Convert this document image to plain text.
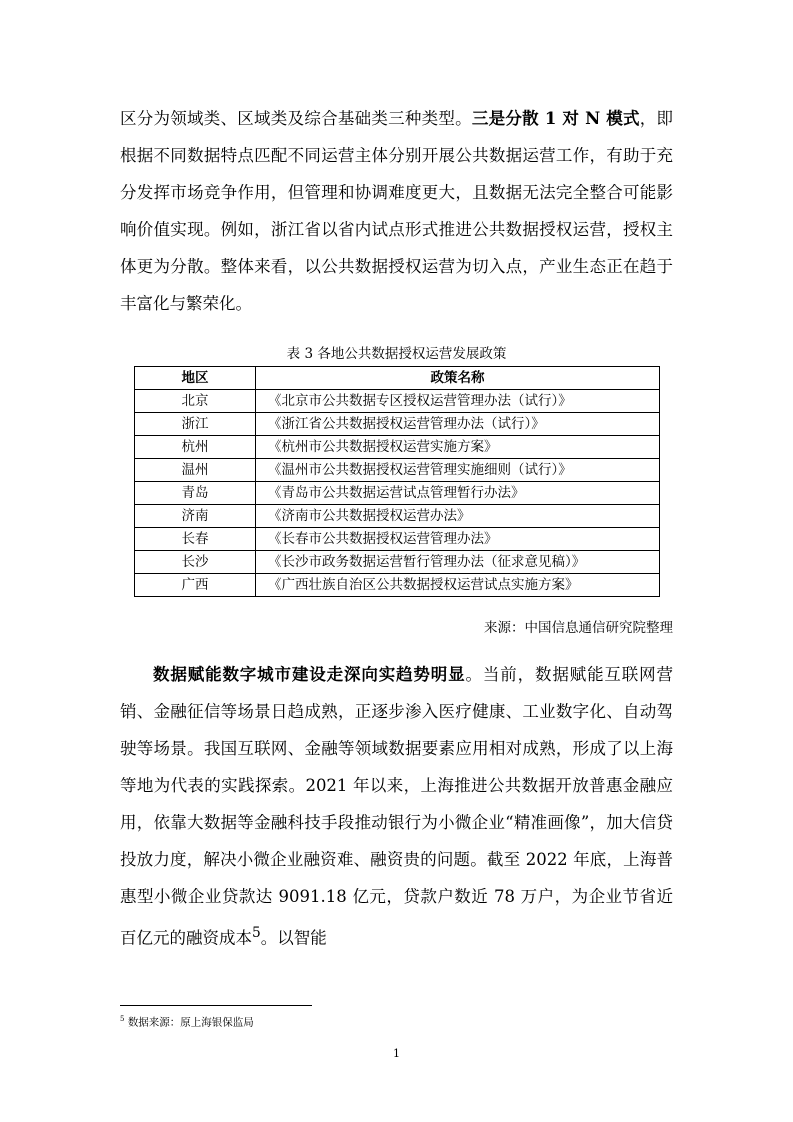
区分为领域类、区域类及综合基础类三种类型。三是分散 1 对 N 模式，即根据不同数据特点匹配不同运营主体分别开展公共数据运营工作，有助于充分发挥市场竞争作用，但管理和协调难度更大，且数据无法完全整合可能影响价值实现。例如，浙江省以省内试点形式推进公共数据授权运营，授权主体更为分散。整体来看，以公共数据授权运营为切入点，产业生态正在趋于丰富化与繁荣化。

表 3 各地公共数据授权运营发展政策
地区	政策名称
北京	《北京市公共数据专区授权运营管理办法（试行）》
浙江	《浙江省公共数据授权运营管理办法（试行）》
杭州	《杭州市公共数据授权运营实施方案》
温州	《温州市公共数据授权运营管理实施细则（试行）》
青岛	《青岛市公共数据运营试点管理暂行办法》
济南	《济南市公共数据授权运营办法》
长春	《长春市公共数据授权运营管理办法》
长沙	《长沙市政务数据运营暂行管理办法（征求意见稿）》
广西	《广西壮族自治区公共数据授权运营试点实施方案》
来源：中国信息通信研究院整理

数据赋能数字城市建设走深向实趋势明显。当前，数据赋能互联网营销、金融征信等场景日趋成熟，正逐步渗入医疗健康、工业数字化、自动驾驶等场景。我国互联网、金融等领域数据要素应用相对成熟，形成了以上海等地为代表的实践探索。2021 年以来，上海推进公共数据开放普惠金融应用，依靠大数据等金融科技手段推动银行为小微企业“精准画像”，加大信贷投放力度，解决小微企业融资难、融资贵的问题。截至 2022 年底，上海普惠型小微企业贷款达 9091.18 亿元，贷款户数近 78 万户，为企业节省近百亿元的融资成本$^5$。以智能

$^5$ 数据来源：原上海银保监局
1
